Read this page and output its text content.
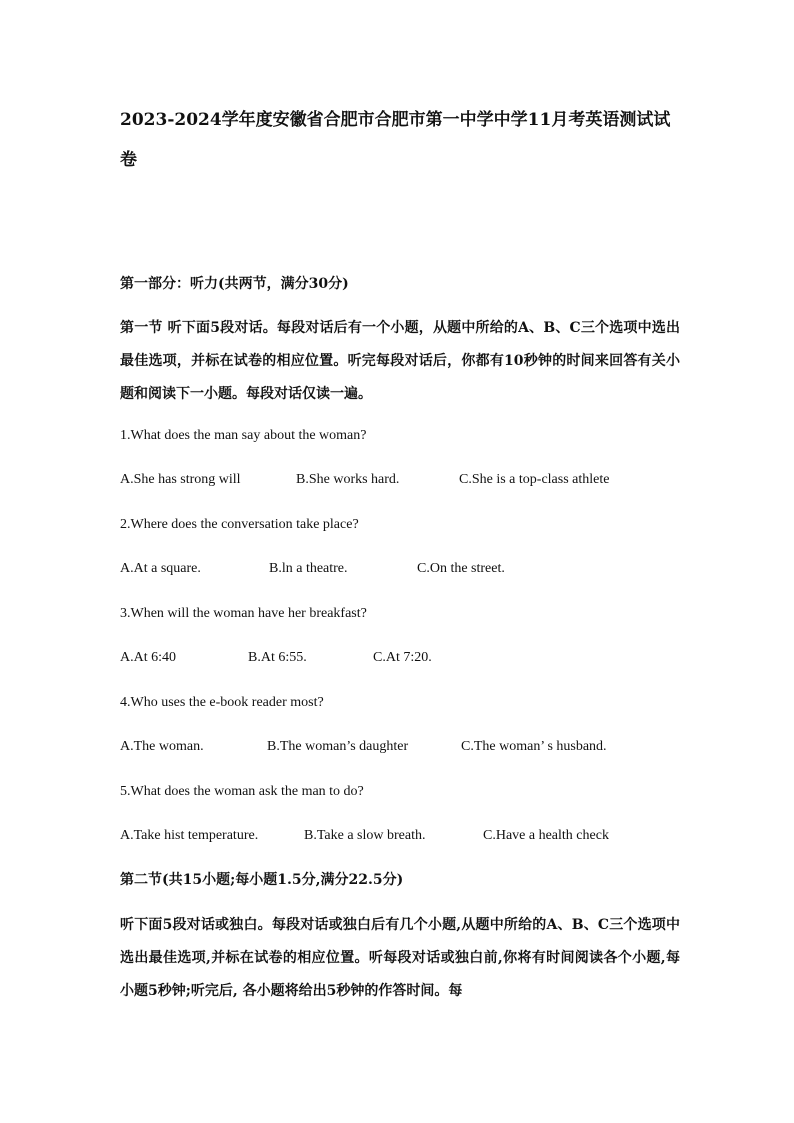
2023-2024学年度安徽省合肥市合肥市第一中学中学11月考英语测试试卷

第一部分：听力(共两节，满分30分)

第一节 听下面5段对话。每段对话后有一个小题，从题中所给的A、B、C三个选项中选出最佳选项，并标在试卷的相应位置。听完每段对话后，你都有10秒钟的时间来回答有关小题和阅读下一小题。每段对话仅读一遍。

1.What does the man say about the woman?

A.She has strong will	B.She works hard.	C.She is a top-class athlete

2.Where does the conversation take place?

A.At a square.	B.ln a theatre.	C.On the street.

3.When will the woman have her breakfast?

A.At 6:40	B.At 6:55.	C.At 7:20.

4.Who uses the e-book reader most?

A.The woman.	B.The woman’s daughter	C.The woman’ s husband.

5.What does the woman ask the man to do?

A.Take hist temperature.	B.Take a slow breath.	C.Have a health check

第二节(共15小题;每小题1.5分,满分22.5分)

听下面5段对话或独白。每段对话或独白后有几个小题,从题中所给的A、B、C三个选项中选出最佳选项,并标在试卷的相应位置。听每段对话或独白前,你将有时间阅读各个小题,每小题5秒钟;听完后, 各小题将给出5秒钟的作答时间。每
